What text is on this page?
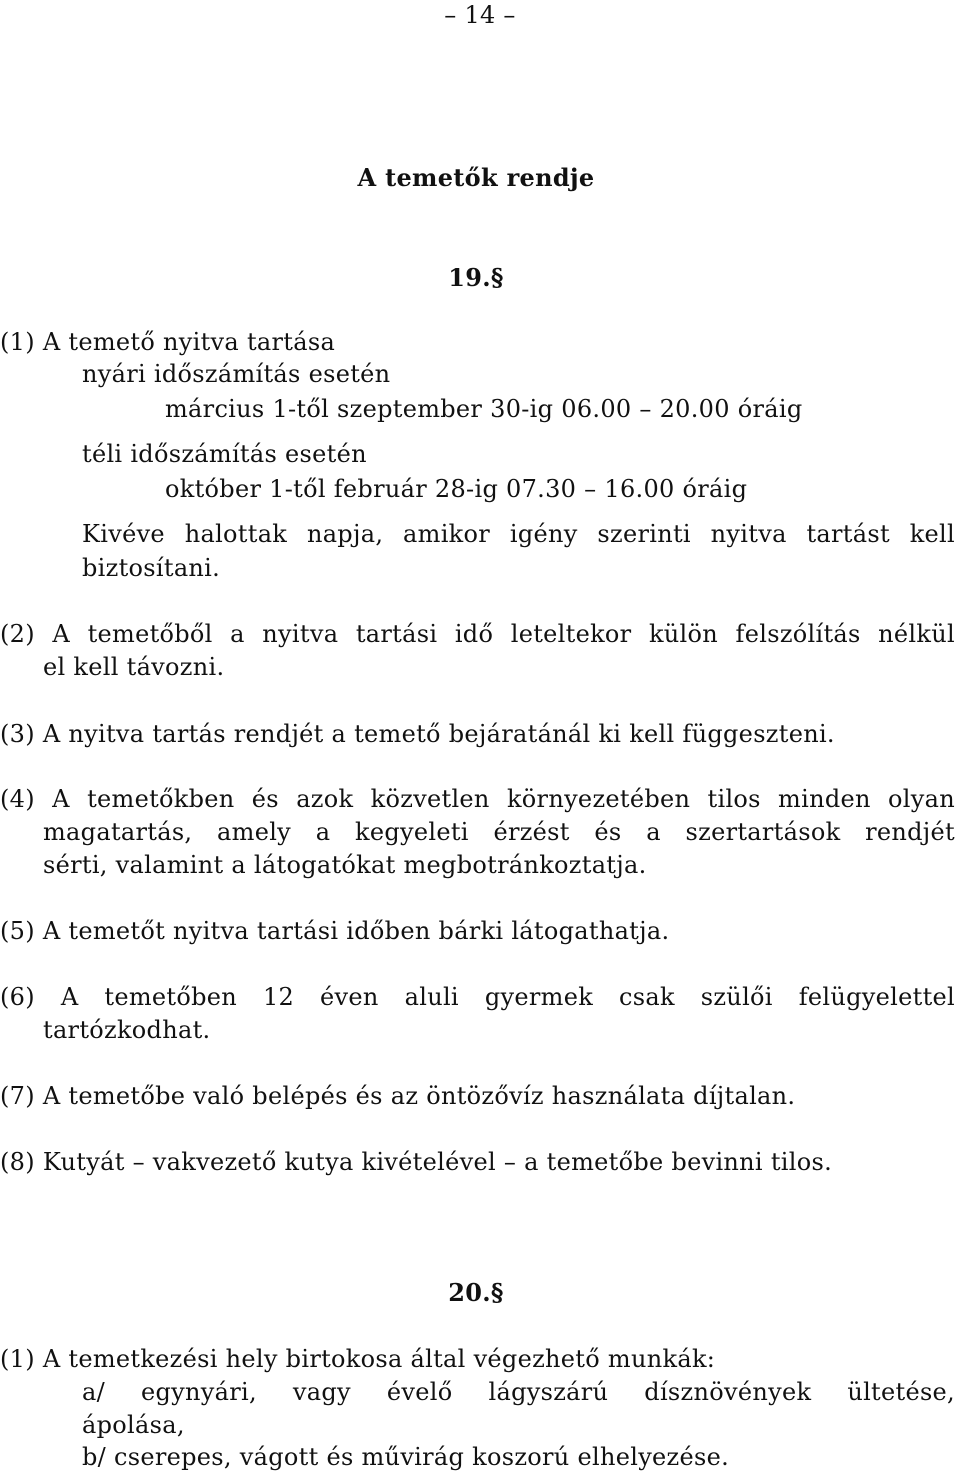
– 14 –
A temetők rendje
19.§
(1) A temető nyitva tartása
nyári időszámítás esetén
március 1-től szeptember 30-ig 06.00 – 20.00 óráig
téli időszámítás esetén
október 1-től február 28-ig 07.30 – 16.00 óráig
Kivéve halottak napja, amikor igény szerinti nyitva tartást kell
biztosítani.
(2) A temetőből a nyitva tartási idő leteltekor külön felszólítás nélkül
el kell távozni.
(3) A nyitva tartás rendjét a temető bejáratánál ki kell függeszteni.
(4) A temetőkben és azok közvetlen környezetében tilos minden olyan
magatartás, amely a kegyeleti érzést és a szertartások rendjét
sérti, valamint a látogatókat megbotránkoztatja.
(5) A temetőt nyitva tartási időben bárki látogathatja.
(6) A temetőben 12 éven aluli gyermek csak szülői felügyelettel
tartózkodhat.
(7) A temetőbe való belépés és az öntözővíz használata díjtalan.
(8) Kutyát – vakvezető kutya kivételével – a temetőbe bevinni tilos.
20.§
(1) A temetkezési hely birtokosa által végezhető munkák:
a/ egynyári, vagy évelő lágyszárú dísznövények ültetése,
ápolása,
b/ cserepes, vágott és művirág koszorú elhelyezése.
